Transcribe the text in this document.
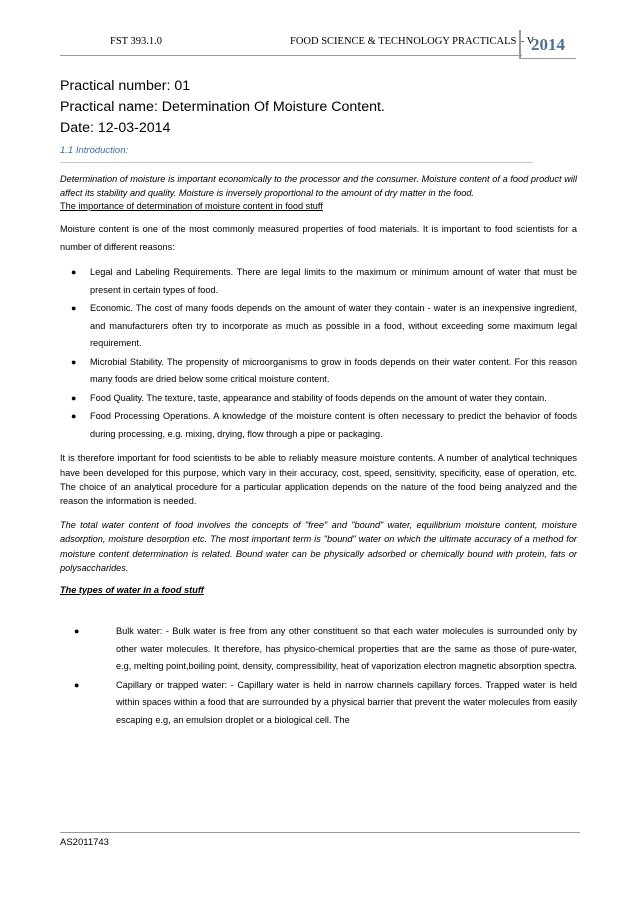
FST 393.1.0	FOOD SCIENCE & TECHNOLOGY PRACTICALS – V
2014

Practical number: 01

Practical name: Determination Of Moisture Content.

Date: 12-03-2014

1.1 Introduction:

Determination of moisture is important economically to the processor and the consumer. Moisture content of a food product will affect its stability and quality. Moisture is inversely proportional to the amount of dry matter in the food.

The importance of determination of moisture content in food stuff

Moisture content is one of the most commonly measured properties of food materials. It is important to food scientists for a number of different reasons:

● Legal and Labeling Requirements. There are legal limits to the maximum or minimum amount of water that must be present in certain types of food.
● Economic. The cost of many foods depends on the amount of water they contain - water is an inexpensive ingredient, and manufacturers often try to incorporate as much as possible in a food, without exceeding some maximum legal requirement.
● Microbial Stability. The propensity of microorganisms to grow in foods depends on their water content. For this reason many foods are dried below some critical moisture content.
● Food Quality. The texture, taste, appearance and stability of foods depends on the amount of water they contain.
● Food Processing Operations. A knowledge of the moisture content is often necessary to predict the behavior of foods during processing, e.g. mixing, drying, flow through a pipe or packaging.

It is therefore important for food scientists to be able to reliably measure moisture contents. A number of analytical techniques have been developed for this purpose, which vary in their accuracy, cost, speed, sensitivity, specificity, ease of operation, etc. The choice of an analytical procedure for a particular application depends on the nature of the food being analyzed and the reason the information is needed.

The total water content of food involves the concepts of "free" and "bound" water, equilibrium moisture content, moisture adsorption, moisture desorption etc. The most important term is "bound" water on which the ultimate accuracy of a method for moisture content determination is related. Bound water can be physically adsorbed or chemically bound with protein, fats or polysaccharides.

The types of water in a food stuff

●	Bulk water: - Bulk water is free from any other constituent so that each water molecules is surrounded only by other water molecules. It therefore, has physico-chemical properties that are the same as those of pure-water, e.g, melting point,boiling point, density, compressibility, heat of vaporization electron magnetic absorption spectra.
●	Capillary or trapped water: - Capillary water is held in narrow channels capillary forces. Trapped water is held within spaces within a food that are surrounded by a physical barrier that prevent the water molecules from easily escaping e.g, an emulsion droplet or a biological cell. The
AS2011743
